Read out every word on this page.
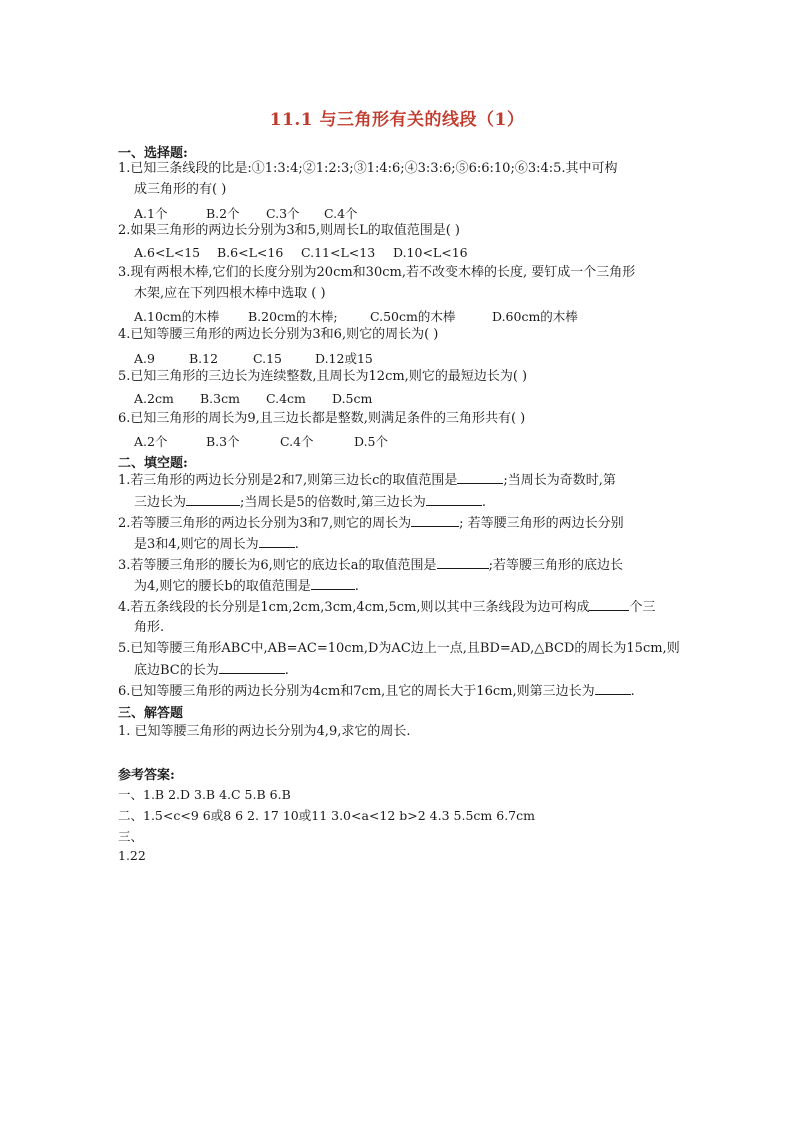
11.1 与三角形有关的线段（1）
一、选择题:
1.已知三条线段的比是:①1:3:4;②1:2:3;③1:4:6;④3:3:6;⑤6:6:10;⑥3:4:5.其中可构
成三角形的有( )
A.1个	B.2个 C.3个 C.4个
2.如果三角形的两边长分别为3和5,则周长L的取值范围是( )
A.6<L<15 B.6<L<16 C.11<L<13 D.10<L<16
3.现有两根木棒,它们的长度分别为20cm和30cm,若不改变木棒的长度, 要钉成一个三角形
木架,应在下列四根木棒中选取 ( )
A.10cm的木棒 B.20cm的木棒;	C.50cm的木棒	D.60cm的木棒
4.已知等腰三角形的两边长分别为3和6,则它的周长为( )
A.9	B.12	C.15	D.12或15
5.已知三角形的三边长为连续整数,且周长为12cm,则它的最短边长为( )
A.2cm B.3cm C.4cm D.5cm
6.已知三角形的周长为9,且三边长都是整数,则满足条件的三角形共有( )
A.2个	B.3个	C.4个	D.5个
二、填空题:
1.若三角形的两边长分别是2和7,则第三边长c的取值范围是	;当周长为奇数时,第
三边长为	;当周长是5的倍数时,第三边长为	.
2.若等腰三角形的两边长分别为3和7,则它的周长为	; 若等腰三角形的两边长分别
是3和4,则它的周长为	.
3.若等腰三角形的腰长为6,则它的底边长a的取值范围是	;若等腰三角形的底边长
为4,则它的腰长b的取值范围是	.
4.若五条线段的长分别是1cm,2cm,3cm,4cm,5cm,则以其中三条线段为边可构成	个三
角形.
5.已知等腰三角形ABC中,AB=AC=10cm,D为AC边上一点,且BD=AD,△BCD的周长为15cm,则
底边BC的长为	.
6.已知等腰三角形的两边长分别为4cm和7cm,且它的周长大于16cm,则第三边长为	.
三、解答题
1. 已知等腰三角形的两边长分别为4,9,求它的周长.
参考答案:
一、1.B 2.D 3.B 4.C 5.B 6.B
二、1.5<c<9 6或8 6 2. 17 10或11 3.0<a<12 b>2 4.3 5.5cm 6.7cm
三、
1.22
